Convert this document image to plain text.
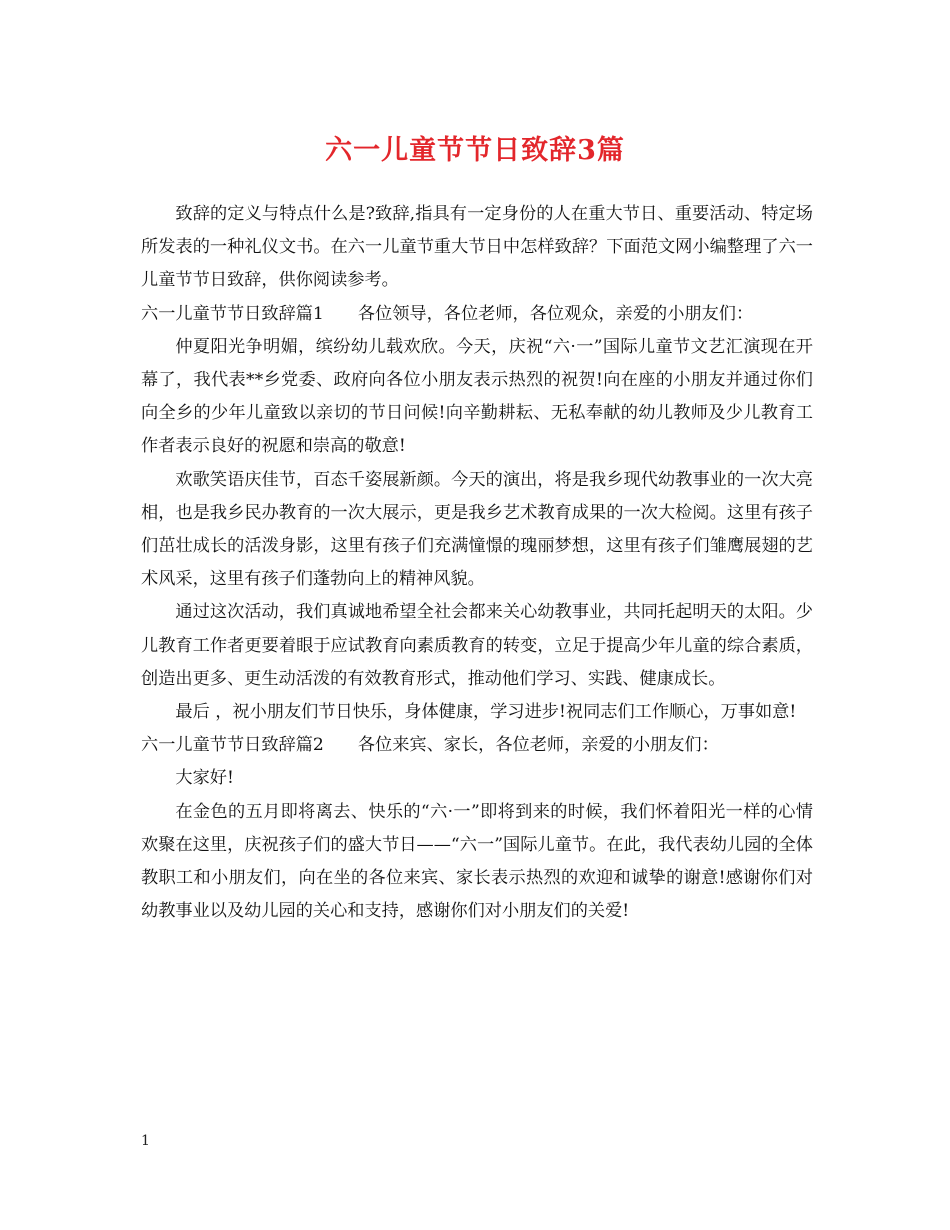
六一儿童节节日致辞3篇

致辞的定义与特点什么是?致辞,指具有一定身份的人在重大节日、重要活动、特定场所发表的一种礼仪文书。在六一儿童节重大节日中怎样致辞？下面范文网小编整理了六一儿童节节日致辞，供你阅读参考。

六一儿童节节日致辞篇1 各位领导，各位老师，各位观众，亲爱的小朋友们：

仲夏阳光争明媚，缤纷幼儿载欢欣。今天，庆祝“六·一”国际儿童节文艺汇演现在开幕了，我代表**乡党委、政府向各位小朋友表示热烈的祝贺!向在座的小朋友并通过你们向全乡的少年儿童致以亲切的节日问候!向辛勤耕耘、无私奉献的幼儿教师及少儿教育工作者表示良好的祝愿和崇高的敬意!

欢歌笑语庆佳节，百态千姿展新颜。今天的演出，将是我乡现代幼教事业的一次大亮相，也是我乡民办教育的一次大展示，更是我乡艺术教育成果的一次大检阅。这里有孩子们茁壮成长的活泼身影，这里有孩子们充满憧憬的瑰丽梦想，这里有孩子们雏鹰展翅的艺术风采，这里有孩子们蓬勃向上的精神风貌。

通过这次活动，我们真诚地希望全社会都来关心幼教事业，共同托起明天的太阳。少儿教育工作者更要着眼于应试教育向素质教育的转变，立足于提高少年儿童的综合素质，创造出更多、更生动活泼的有效教育形式，推动他们学习、实践、健康成长。

最后 ，祝小朋友们节日快乐，身体健康，学习进步!祝同志们工作顺心，万事如意!

六一儿童节节日致辞篇2 各位来宾、家长，各位老师，亲爱的小朋友们：

大家好!

在金色的五月即将离去、快乐的“六·一”即将到来的时候，我们怀着阳光一样的心情欢聚在这里，庆祝孩子们的盛大节日——“六一”国际儿童节。在此，我代表幼儿园的全体教职工和小朋友们，向在坐的各位来宾、家长表示热烈的欢迎和诚挚的谢意!感谢你们对幼教事业以及幼儿园的关心和支持，感谢你们对小朋友们的关爱!

1
